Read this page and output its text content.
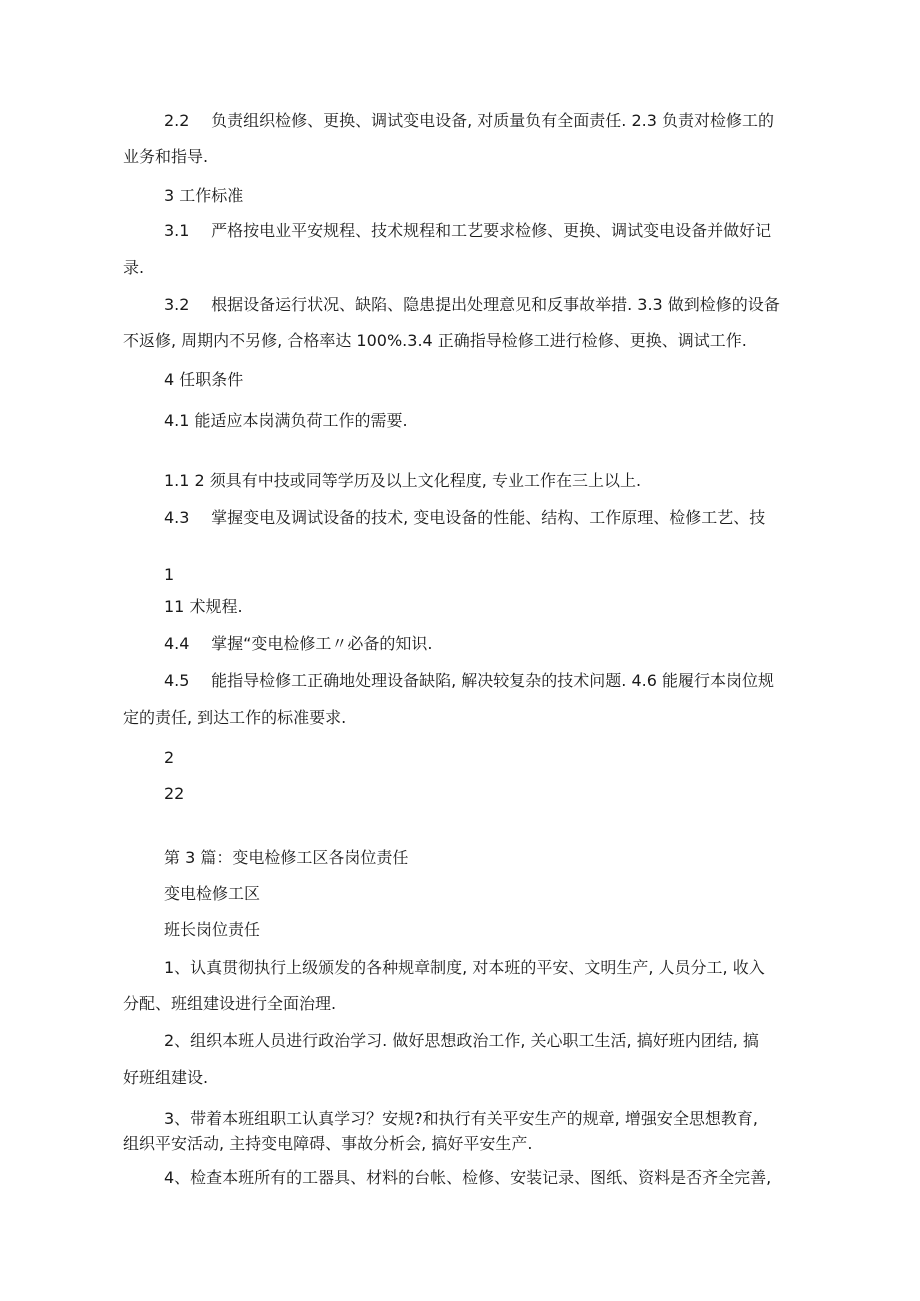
2.2 负责组织检修、更换、调试变电设备, 对质量负有全面责任. 2.3 负责对检修工的
业务和指导.
3 工作标准
3.1 严格按电业平安规程、技术规程和工艺要求检修、更换、调试变电设备并做好记
录.
3.2 根据设备运行状况、缺陷、隐患提出处理意见和反事故举措. 3.3 做到检修的设备
不返修, 周期内不另修, 合格率达 100%.3.4 正确指导检修工进行检修、更换、调试工作.
4 任职条件
4.1 能适应本岗满负荷工作的需要.
1.1 2 须具有中技或同等学历及以上文化程度, 专业工作在三上以上.
4.3 掌握变电及调试设备的技术, 变电设备的性能、结构、工作原理、检修工艺、技
1
11 术规程.
4.4 掌握“变电检修工〃必备的知识.
4.5 能指导检修工正确地处理设备缺陷, 解决较复杂的技术问题. 4.6 能履行本岗位规
定的责任, 到达工作的标准要求.
2
22
第 3 篇：变电检修工区各岗位责任
变电检修工区
班长岗位责任
1、认真贯彻执行上级颁发的各种规章制度, 对本班的平安、文明生产, 人员分工, 收入
分配、班组建设进行全面治理.
2、组织本班人员进行政治学习. 做好思想政治工作, 关心职工生活, 搞好班内团结, 搞
好班组建设.
3、带着本班组职工认真学习？安规?和执行有关平安生产的规章, 增强安全思想教育,
组织平安活动, 主持变电障碍、事故分析会, 搞好平安生产.
4、检查本班所有的工器具、材料的台帐、检修、安装记录、图纸、资料是否齐全完善,
